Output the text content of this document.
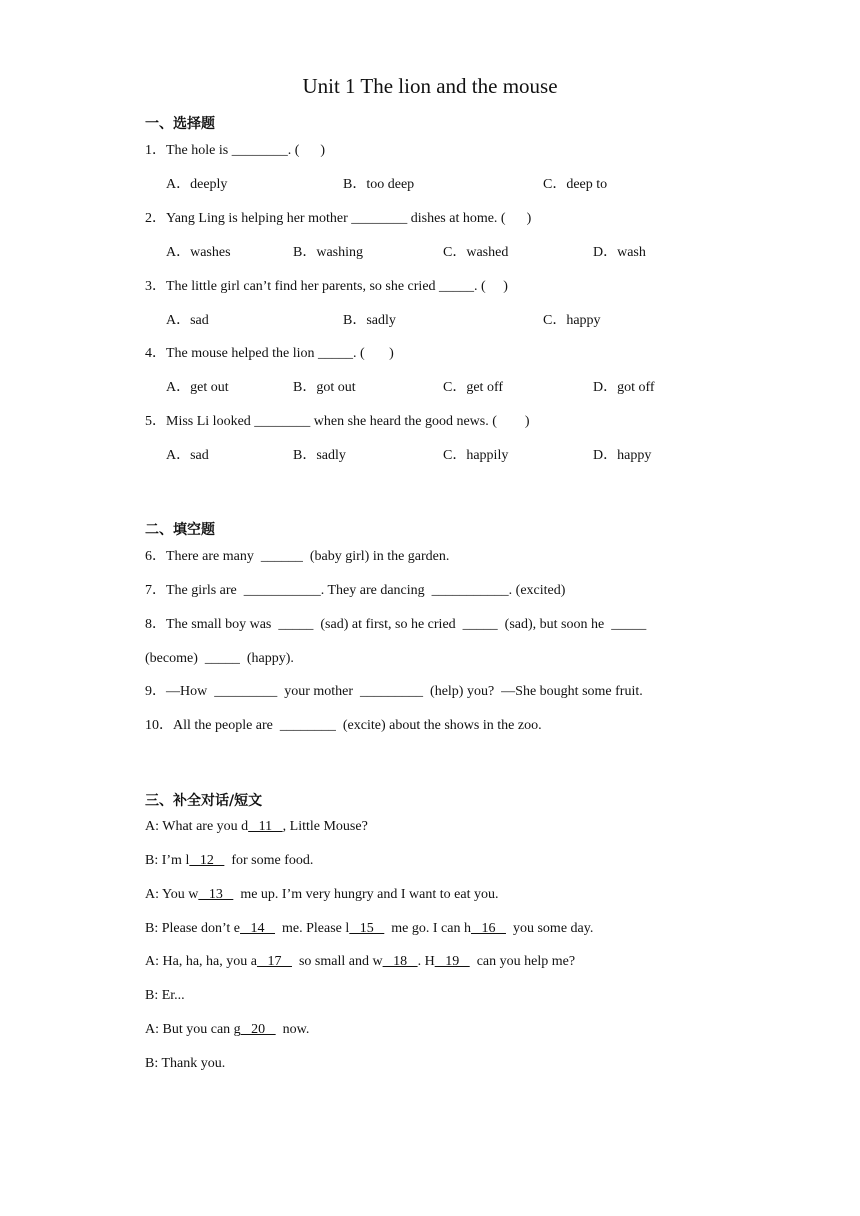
Unit 1 The lion and the mouse
一、选择题
1．The hole is ________. (      )
A．deeply	B．too deep	C．deep to
2．Yang Ling is helping her mother ________ dishes at home. (      )
A．washes	B．washing	C．washed	D．wash
3．The little girl can’t find her parents, so she cried _____. (     )
A．sad	B．sadly	C．happy
4．The mouse helped the lion _____. (       )
A．get out	B．got out	C．get off	D．got off
5．Miss Li looked ________ when she heard the good news. (        )
A．sad	B．sadly	C．happily	D．happy
二、填空题
6．There are many  ______  (baby girl) in the garden.
7．The girls are  ___________. They are dancing  ___________. (excited)
8．The small boy was  _____  (sad) at first, so he cried  _____  (sad), but soon he  _____
(become)  _____  (happy).
9．—How  _________  your mother  _________  (help) you?  —She bought some fruit.
10．All the people are  ________  (excite) about the shows in the zoo.
三、补全对话/短文
A: What are you d   11   , Little Mouse?
B: I’m l   12     for some food.
A: You w   13     me up. I’m very hungry and I want to eat you.
B: Please don’t e   14     me. Please l   15     me go. I can h   16     you some day.
A: Ha, ha, ha, you a   17     so small and w   18   . H   19     can you help me?
B: Er...
A: But you can g   20     now.
B: Thank you.
